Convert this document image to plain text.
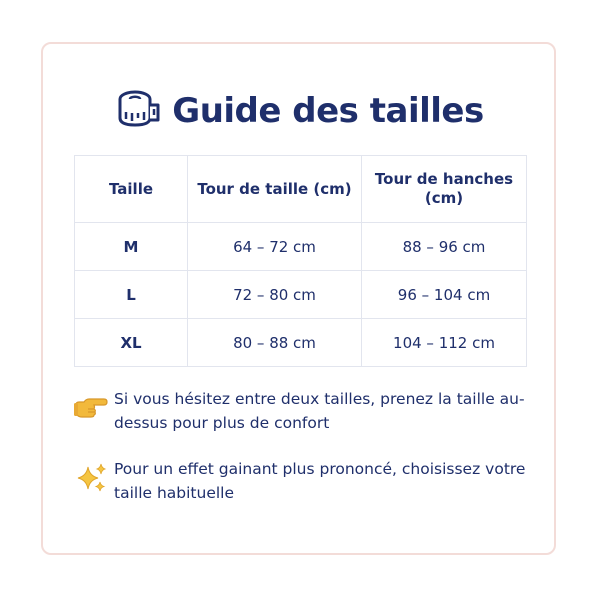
Guide des tailles
Taille	Tour de taille (cm)	Tour de hanches (cm)
M	64 – 72 cm	88 – 96 cm
L	72 – 80 cm	96 – 104 cm
XL	80 – 88 cm	104 – 112 cm
Si vous hésitez entre deux tailles, prenez la taille au-dessus pour plus de confort
Pour un effet gainant plus prononcé, choisissez votre taille habituelle
